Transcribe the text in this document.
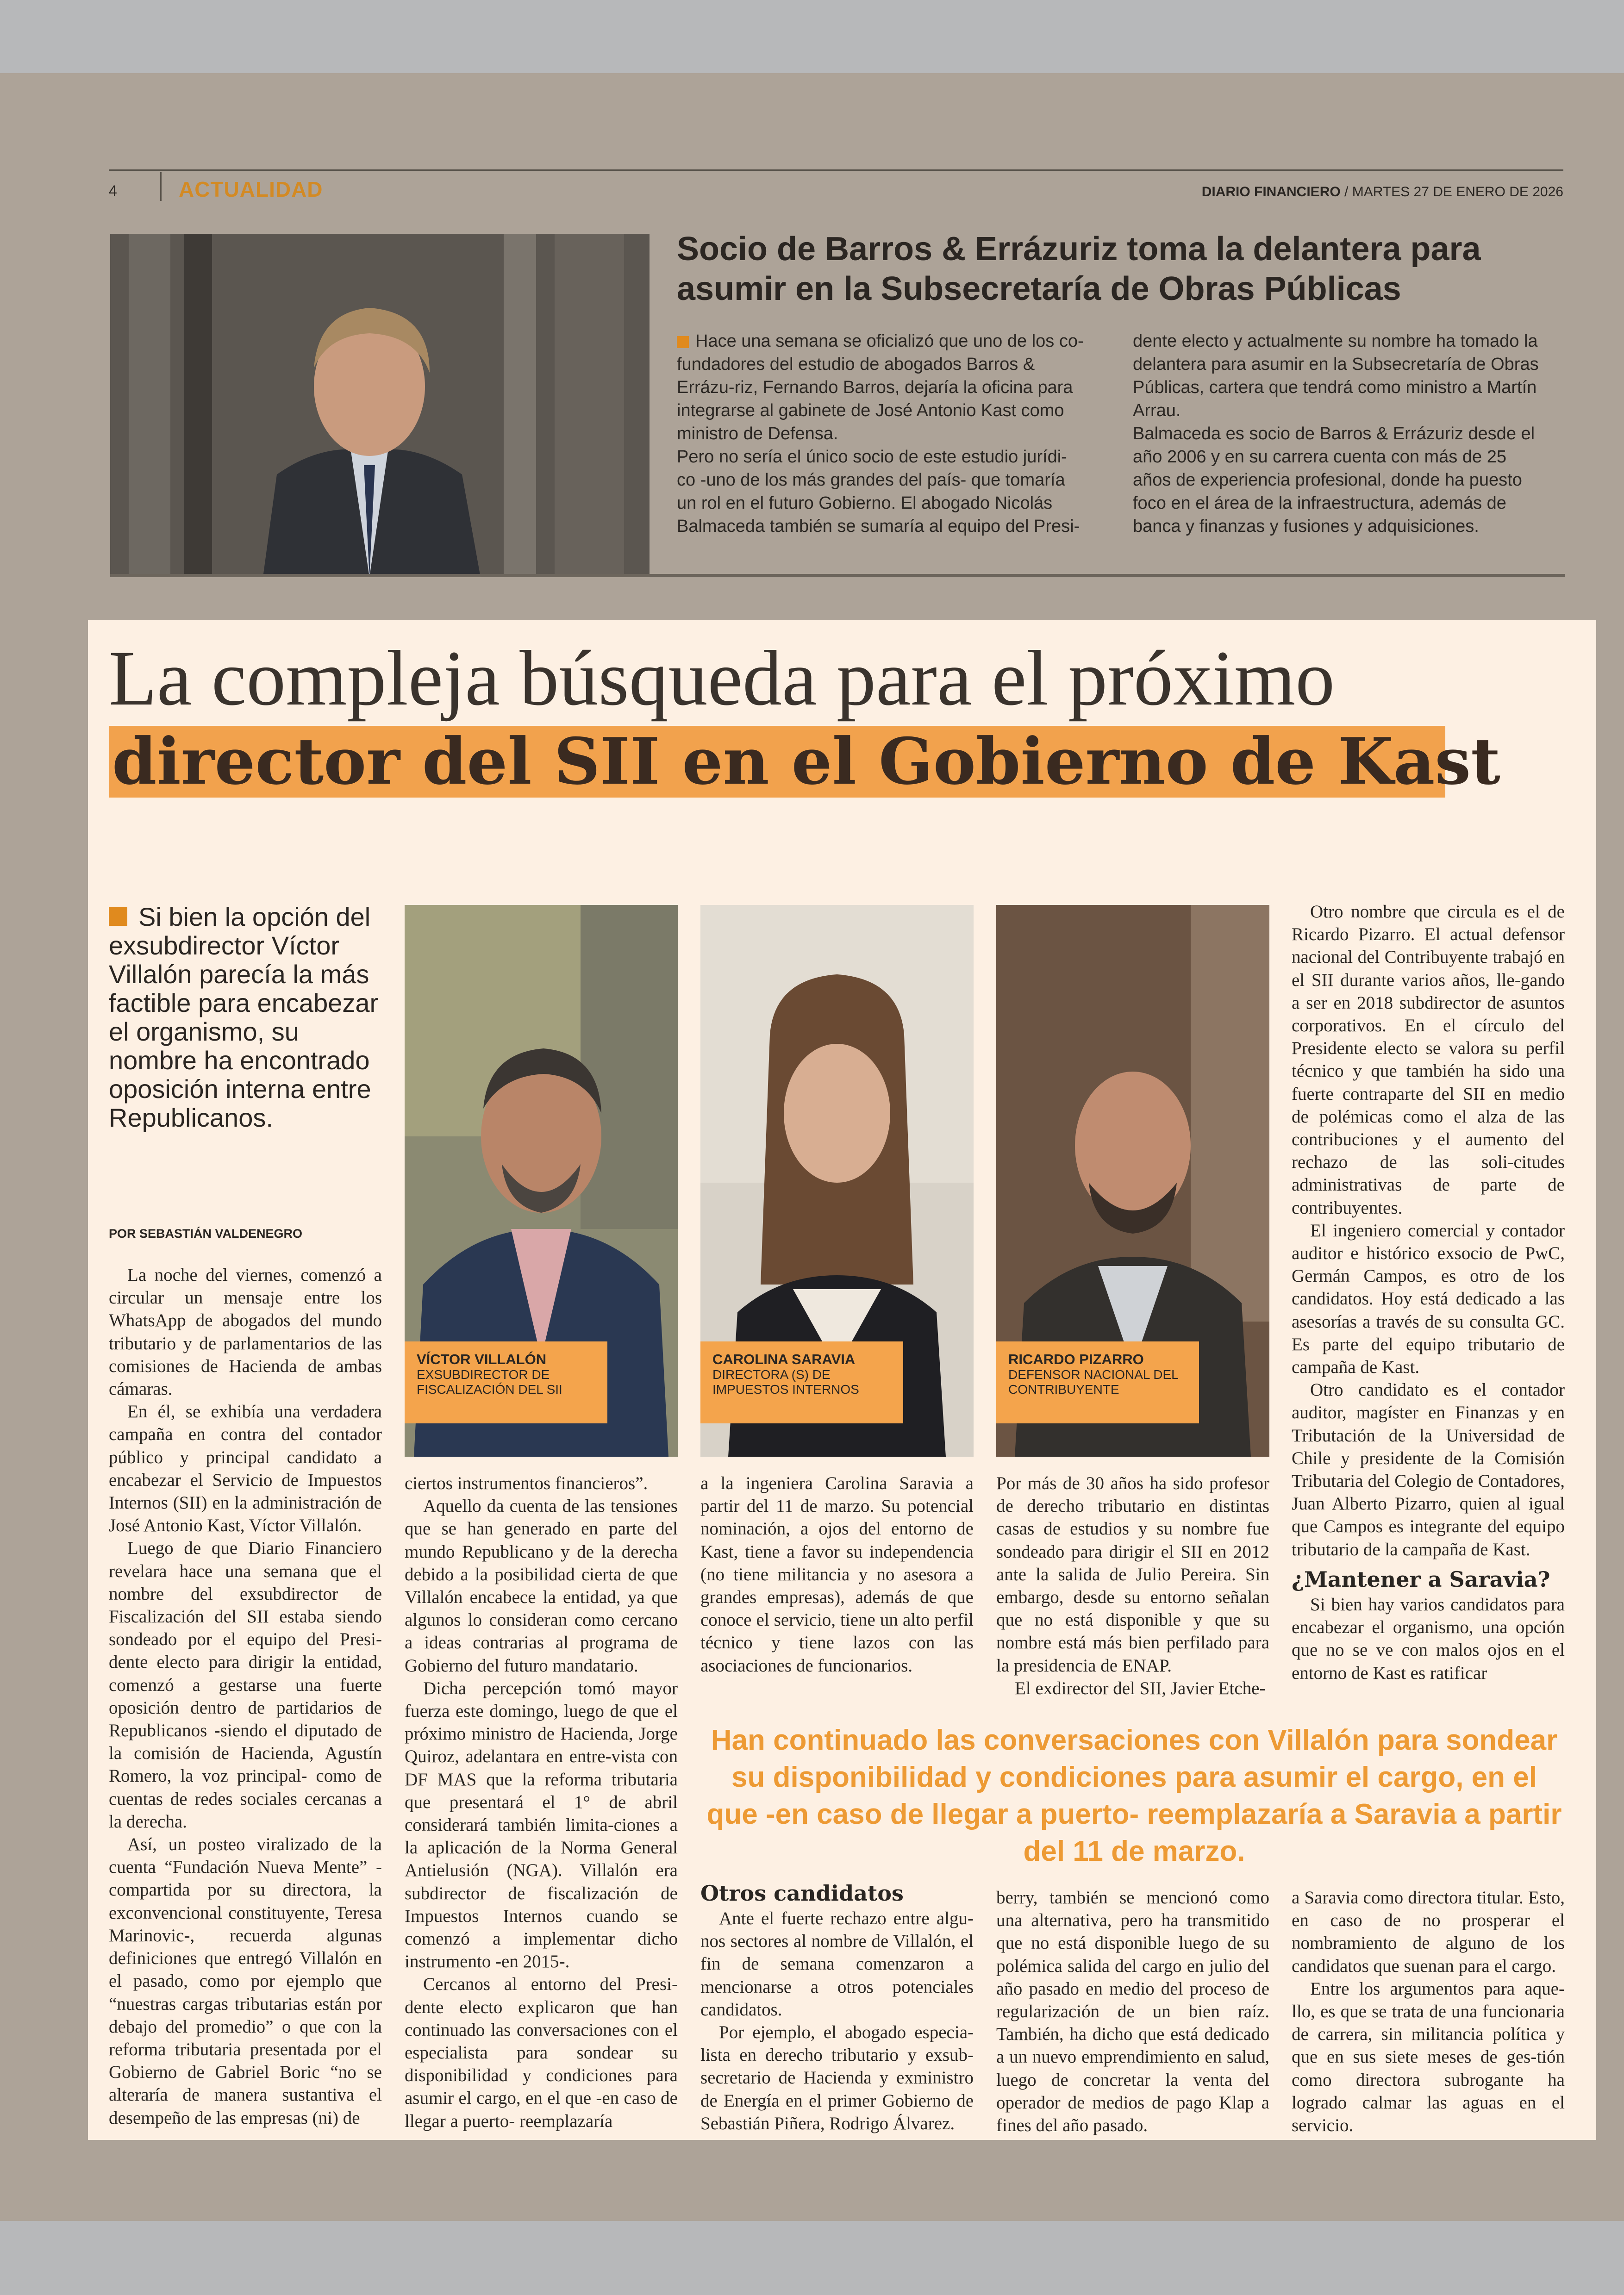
4	ACTUALIDAD	DIARIO FINANCIERO / MARTES 27 DE ENERO DE 2026
Socio de Barros & Errázuriz toma la delantera para asumir en la Subsecretaría de Obras Públicas

Hace una semana se oficializó que uno de los co-fundadores del estudio de abogados Barros & Errázu-riz, Fernando Barros, dejaría la oficina para integrarse al gabinete de José Antonio Kast como ministro de Defensa.

Pero no sería el único socio de este estudio jurídi-co -uno de los más grandes del país- que tomaría un rol en el futuro Gobierno. El abogado Nicolás Balmaceda también se sumaría al equipo del Presi-

dente electo y actualmente su nombre ha tomado la delantera para asumir en la Subsecretaría de Obras Públicas, cartera que tendrá como ministro a Martín Arrau.

Balmaceda es socio de Barros & Errázuriz desde el año 2006 y en su carrera cuenta con más de 25 años de experiencia profesional, donde ha puesto foco en el área de la infraestructura, además de banca y finanzas y fusiones y adquisiciones.

La compleja búsqueda para el próximo
director del SII en el Gobierno de Kast
Si bien la opción del exsubdirector Víctor Villalón parecía la más factible para encabezar el organismo, su nombre ha encontrado oposición interna entre Republicanos.
POR SEBASTIÁN VALDENEGRO
VÍCTOR VILLALÓN
EXSUBDIRECTOR DE FISCALIZACIÓN DEL SII
CAROLINA SARAVIA
DIRECTORA (S) DE IMPUESTOS INTERNOS
RICARDO PIZARRO
DEFENSOR NACIONAL DEL CONTRIBUYENTE

La noche del viernes, comenzó a circular un mensaje entre los WhatsApp de abogados del mundo tributario y de parlamentarios de las comisiones de Hacienda de ambas cámaras.

En él, se exhibía una verdadera campaña en contra del contador público y principal candidato a encabezar el Servicio de Impuestos Internos (SII) en la administración de José Antonio Kast, Víctor Villalón.

Luego de que Diario Financiero revelara hace una semana que el nombre del exsubdirector de Fiscalización del SII estaba siendo sondeado por el equipo del Presi-dente electo para dirigir la entidad, comenzó a gestarse una fuerte oposición dentro de partidarios de Republicanos -siendo el diputado de la comisión de Hacienda, Agustín Romero, la voz principal- como de cuentas de redes sociales cercanas a la derecha.

Así, un posteo viralizado de la cuenta “Fundación Nueva Mente” -compartida por su directora, la exconvencional constituyente, Teresa Marinovic-, recuerda algunas definiciones que entregó Villalón en el pasado, como por ejemplo que “nuestras cargas tributarias están por debajo del promedio” o que con la reforma tributaria presentada por el Gobierno de Gabriel Boric “no se alteraría de manera sustantiva el desempeño de las empresas (ni) de

ciertos instrumentos financieros”.

Aquello da cuenta de las tensiones que se han generado en parte del mundo Republicano y de la derecha debido a la posibilidad cierta de que Villalón encabece la entidad, ya que algunos lo consideran como cercano a ideas contrarias al programa de Gobierno del futuro mandatario.

Dicha percepción tomó mayor fuerza este domingo, luego de que el próximo ministro de Hacienda, Jorge Quiroz, adelantara en entre-vista con DF MAS que la reforma tributaria que presentará el 1° de abril considerará también limita-ciones a la aplicación de la Norma General Antielusión (NGA). Villalón era subdirector de fiscalización de Impuestos Internos cuando se comenzó a implementar dicho instrumento -en 2015-.

Cercanos al entorno del Presi-dente electo explicaron que han continuado las conversaciones con el especialista para sondear su disponibilidad y condiciones para asumir el cargo, en el que -en caso de llegar a puerto- reemplazaría

a la ingeniera Carolina Saravia a partir del 11 de marzo. Su potencial nominación, a ojos del entorno de Kast, tiene a favor su independencia (no tiene militancia y no asesora a grandes empresas), además de que conoce el servicio, tiene un alto perfil técnico y tiene lazos con las asociaciones de funcionarios.

Por más de 30 años ha sido profesor de derecho tributario en distintas casas de estudios y su nombre fue sondeado para dirigir el SII en 2012 ante la salida de Julio Pereira. Sin embargo, desde su entorno señalan que no está disponible y que su nombre está más bien perfilado para la presidencia de ENAP.

El exdirector del SII, Javier Etche-

Otro nombre que circula es el de Ricardo Pizarro. El actual defensor nacional del Contribuyente trabajó en el SII durante varios años, lle-gando a ser en 2018 subdirector de asuntos corporativos. En el círculo del Presidente electo se valora su perfil técnico y que también ha sido una fuerte contraparte del SII en medio de polémicas como el alza de las contribuciones y el aumento del rechazo de las soli-citudes administrativas de parte de contribuyentes.

El ingeniero comercial y contador auditor e histórico exsocio de PwC, Germán Campos, es otro de los candidatos. Hoy está dedicado a las asesorías a través de su consulta GC. Es parte del equipo tributario de campaña de Kast.

Otro candidato es el contador auditor, magíster en Finanzas y en Tributación de la Universidad de Chile y presidente de la Comisión Tributaria del Colegio de Contadores, Juan Alberto Pizarro, quien al igual que Campos es integrante del equipo tributario de la campaña de Kast.

¿Mantener a Saravia?

Si bien hay varios candidatos para encabezar el organismo, una opción que no se ve con malos ojos en el entorno de Kast es ratificar

Han continuado las conversaciones con Villalón para sondear su disponibilidad y condiciones para asumir el cargo, en el que -en caso de llegar a puerto- reemplazaría a Saravia a partir del 11 de marzo.
Otros candidatos

Ante el fuerte rechazo entre algu-nos sectores al nombre de Villalón, el fin de semana comenzaron a mencionarse a otros potenciales candidatos.

Por ejemplo, el abogado especia-lista en derecho tributario y exsub-secretario de Hacienda y exministro de Energía en el primer Gobierno de Sebastián Piñera, Rodrigo Álvarez.

berry, también se mencionó como una alternativa, pero ha transmitido que no está disponible luego de su polémica salida del cargo en julio del año pasado en medio del proceso de regularización de un bien raíz. También, ha dicho que está dedicado a un nuevo emprendimiento en salud, luego de concretar la venta del operador de medios de pago Klap a fines del año pasado.

a Saravia como directora titular. Esto, en caso de no prosperar el nombramiento de alguno de los candidatos que suenan para el cargo.

Entre los argumentos para aque-llo, es que se trata de una funcionaria de carrera, sin militancia política y que en sus siete meses de ges-tión como directora subrogante ha logrado calmar las aguas en el servicio.
